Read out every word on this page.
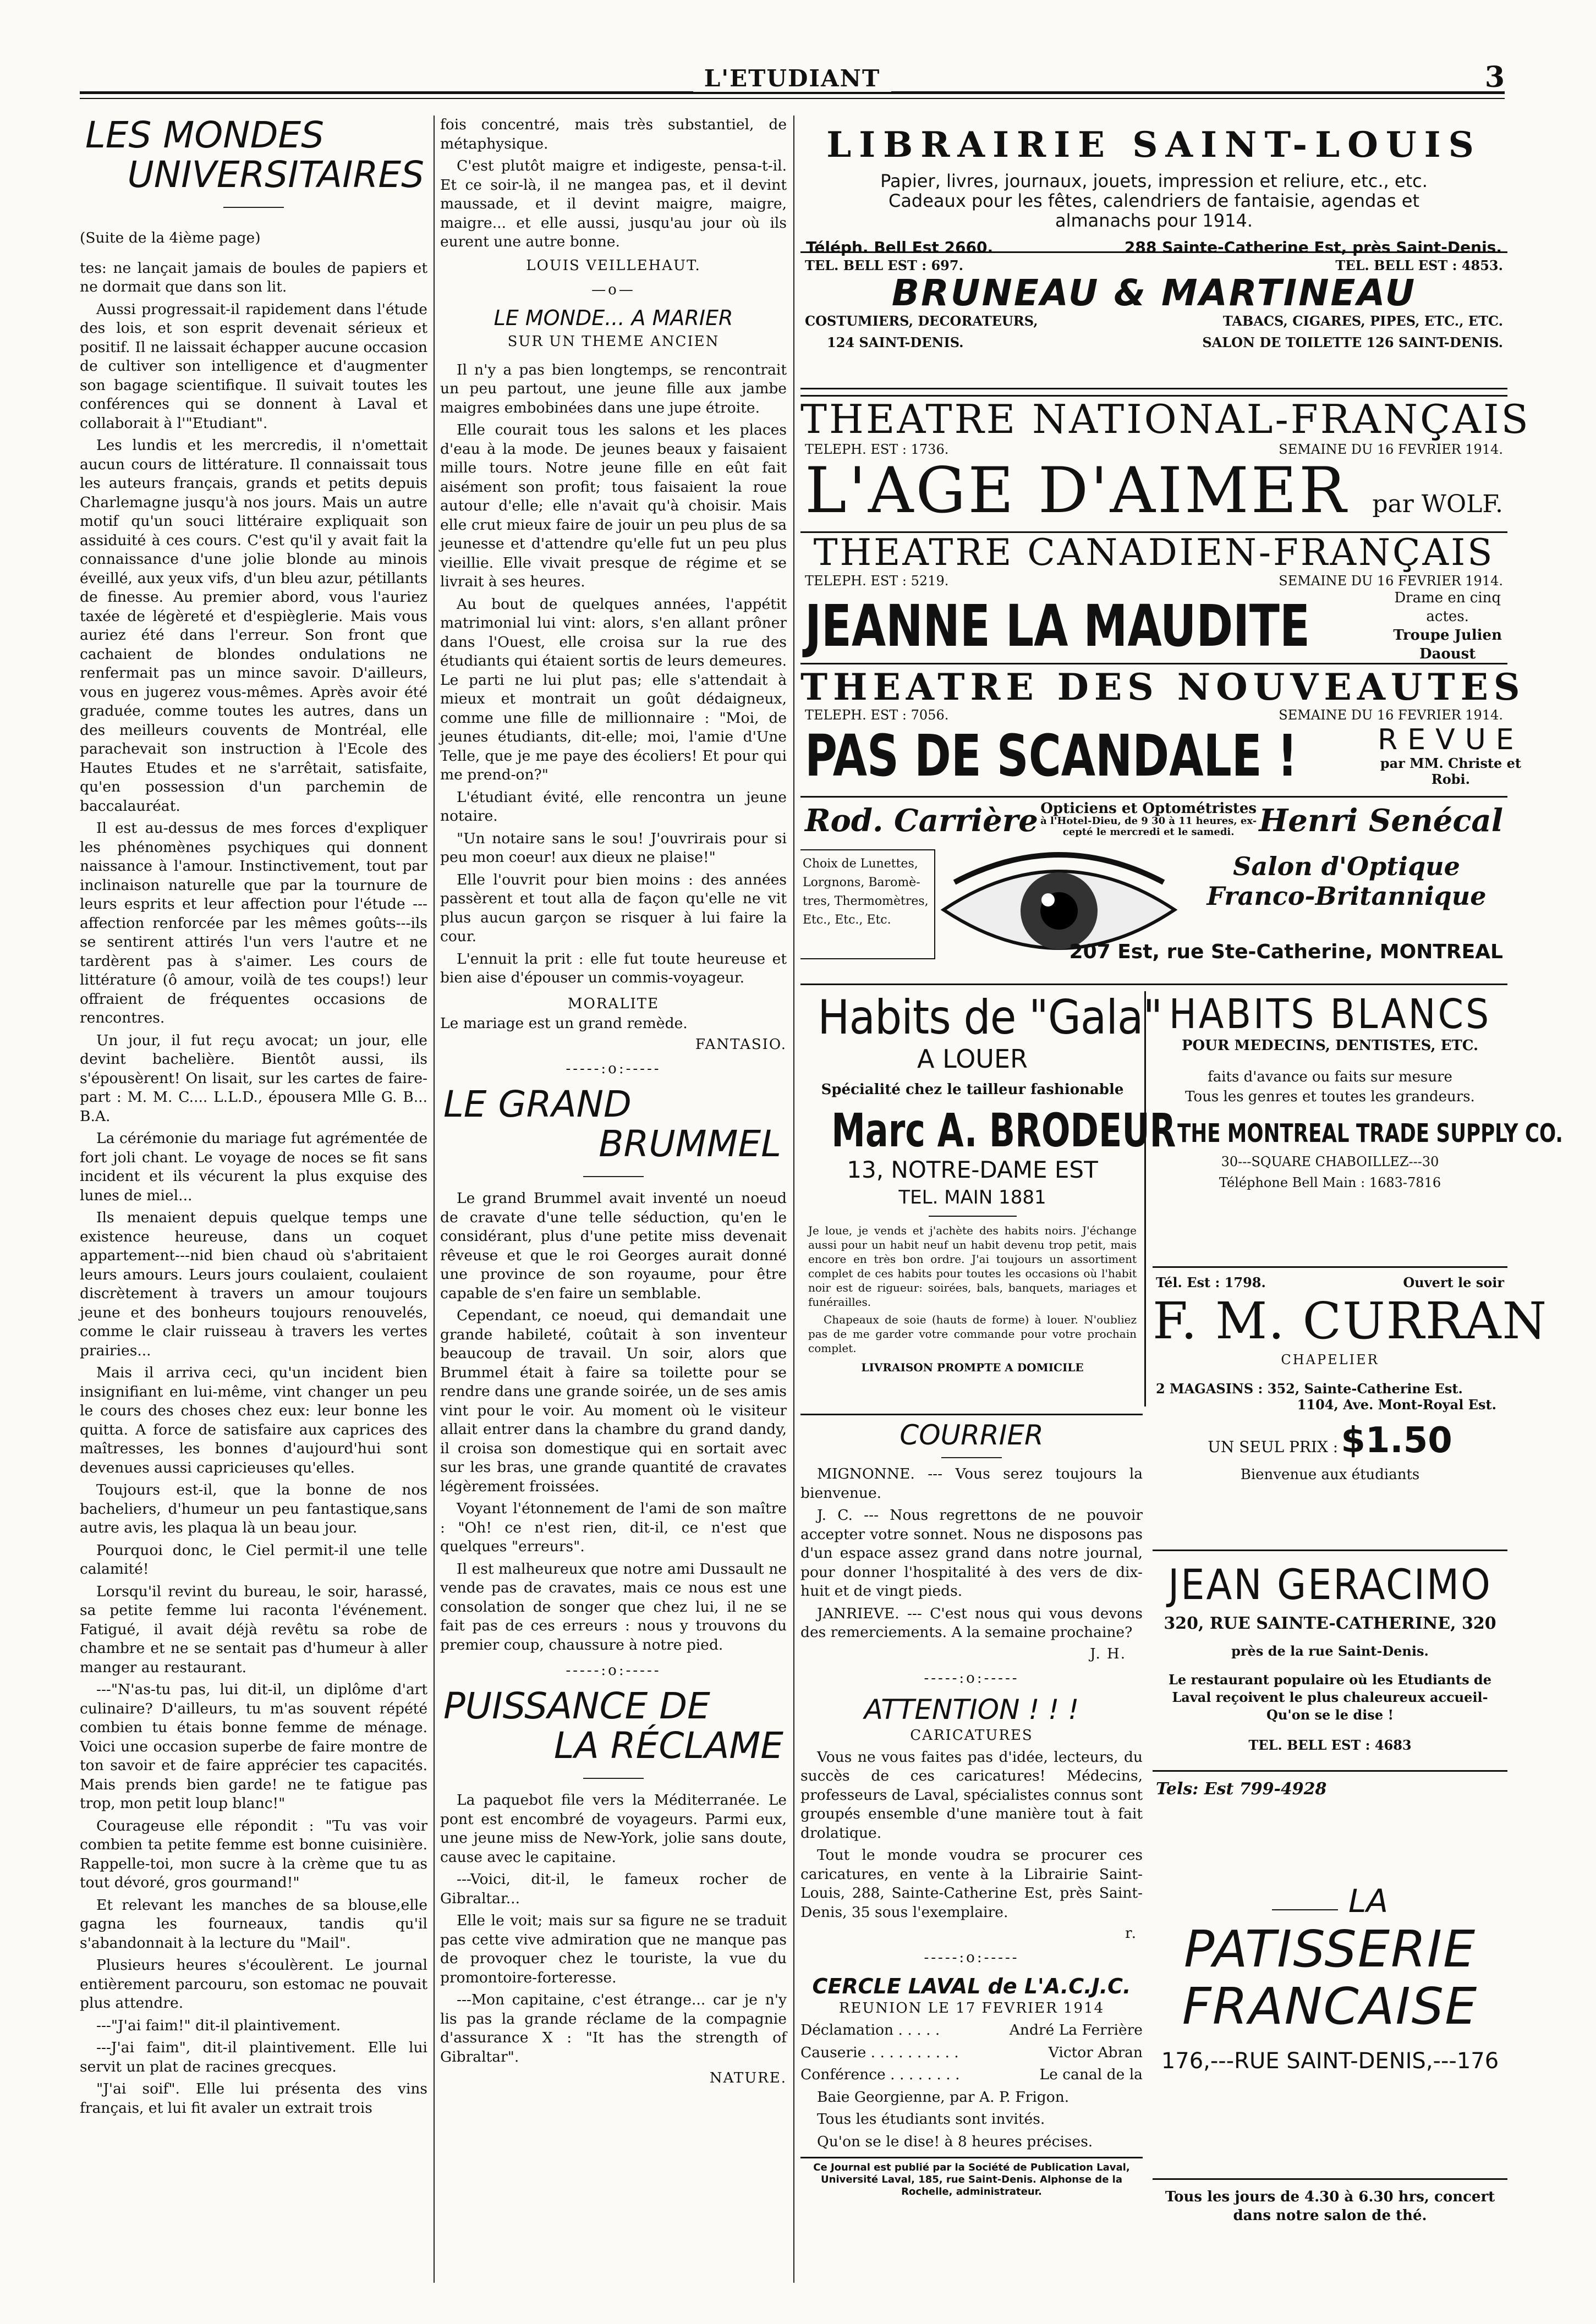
L'ETUDIANT	3
LES MONDES
UNIVERSITAIRES

(Suite de la 4ième page)

tes: ne lançait jamais de boules de papiers et ne dormait que dans son lit.

Aussi progressait-il rapidement dans l'étude des lois, et son esprit devenait sérieux et positif. Il ne laissait échapper aucune occasion de cultiver son intelligence et d'augmenter son bagage scientifique. Il suivait toutes les conférences qui se donnent à Laval et collaborait à l'"Etudiant".

Les lundis et les mercredis, il n'omettait aucun cours de littérature. Il connaissait tous les auteurs français, grands et petits depuis Charlemagne jusqu'à nos jours. Mais un autre motif qu'un souci littéraire expliquait son assiduité à ces cours. C'est qu'il y avait fait la connaissance d'une jolie blonde au minois éveillé, aux yeux vifs, d'un bleu azur, pétillants de finesse. Au premier abord, vous l'auriez taxée de légèreté et d'espièglerie. Mais vous auriez été dans l'erreur. Son front que cachaient de blondes ondulations ne renfermait pas un mince savoir. D'ailleurs, vous en jugerez vous-mêmes. Après avoir été graduée, comme toutes les autres, dans un des meilleurs couvents de Montréal, elle parachevait son instruction à l'Ecole des Hautes Etudes et ne s'arrêtait, satisfaite, qu'en possession d'un parchemin de baccalauréat.

Il est au-dessus de mes forces d'expliquer les phénomènes psychiques qui donnent naissance à l'amour. Instinctivement, tout par inclinaison naturelle que par la tournure de leurs esprits et leur affection pour l'étude --- affection renforcée par les mêmes goûts---ils se sentirent attirés l'un vers l'autre et ne tardèrent pas à s'aimer. Les cours de littérature (ô amour, voilà de tes coups!) leur offraient de fréquentes occasions de rencontres.

Un jour, il fut reçu avocat; un jour, elle devint bachelière. Bientôt aussi, ils s'épousèrent! On lisait, sur les cartes de faire-part : M. M. C.... L.L.D., épousera Mlle G. B... B.A.

La cérémonie du mariage fut agrémentée de fort joli chant. Le voyage de noces se fit sans incident et ils vécurent la plus exquise des lunes de miel...

Ils menaient depuis quelque temps une existence heureuse, dans un coquet appartement---nid bien chaud où s'abritaient leurs amours. Leurs jours coulaient, coulaient discrètement à travers un amour toujours jeune et des bonheurs toujours renouvelés, comme le clair ruisseau à travers les vertes prairies...

Mais il arriva ceci, qu'un incident bien insignifiant en lui-même, vint changer un peu le cours des choses chez eux: leur bonne les quitta. A force de satisfaire aux caprices des maîtresses, les bonnes d'aujourd'hui sont devenues aussi capricieuses qu'elles.

Toujours est-il, que la bonne de nos bacheliers, d'humeur un peu fantastique,sans autre avis, les plaqua là un beau jour.

Pourquoi donc, le Ciel permit-il une telle calamité!

Lorsqu'il revint du bureau, le soir, harassé, sa petite femme lui raconta l'événement. Fatigué, il avait déjà revêtu sa robe de chambre et ne se sentait pas d'humeur à aller manger au restaurant.

---"N'as-tu pas, lui dit-il, un diplôme d'art culinaire? D'ailleurs, tu m'as souvent répété combien tu étais bonne femme de ménage. Voici une occasion superbe de faire montre de ton savoir et de faire apprécier tes capacités. Mais prends bien garde! ne te fatigue pas trop, mon petit loup blanc!"

Courageuse elle répondit : "Tu vas voir combien ta petite femme est bonne cuisinière. Rappelle-toi, mon sucre à la crème que tu as tout dévoré, gros gourmand!"

Et relevant les manches de sa blouse,elle gagna les fourneaux, tandis qu'il s'abandonnait à la lecture du "Mail".

Plusieurs heures s'écoulèrent. Le journal entièrement parcouru, son estomac ne pouvait plus attendre.

---"J'ai faim!" dit-il plaintivement.

---J'ai faim", dit-il plaintivement. Elle lui servit un plat de racines grecques.

"J'ai soif". Elle lui présenta des vins français, et lui fit avaler un extrait trois

fois concentré, mais très substantiel, de métaphysique.

C'est plutôt maigre et indigeste, pensa-t-il. Et ce soir-là, il ne mangea pas, et il devint maussade, et il devint maigre, maigre, maigre... et elle aussi, jusqu'au jour où ils eurent une autre bonne.

LOUIS VEILLEHAUT.

—o—

LE MONDE... A MARIER

SUR UN THEME ANCIEN

Il n'y a pas bien longtemps, se rencontrait un peu partout, une jeune fille aux jambe maigres embobinées dans une jupe étroite.

Elle courait tous les salons et les places d'eau à la mode. De jeunes beaux y faisaient mille tours. Notre jeune fille en eût fait aisément son profit; tous faisaient la roue autour d'elle; elle n'avait qu'à choisir. Mais elle crut mieux faire de jouir un peu plus de sa jeunesse et d'attendre qu'elle fut un peu plus vieillie. Elle vivait presque de régime et se livrait à ses heures.

Au bout de quelques années, l'appétit matrimonial lui vint: alors, s'en allant prôner dans l'Ouest, elle croisa sur la rue des étudiants qui étaient sortis de leurs demeures. Le parti ne lui plut pas; elle s'attendait à mieux et montrait un goût dédaigneux, comme une fille de millionnaire : "Moi, de jeunes étudiants, dit-elle; moi, l'amie d'Une Telle, que je me paye des écoliers! Et pour qui me prend-on?"

L'étudiant évité, elle rencontra un jeune notaire.

"Un notaire sans le sou! J'ouvrirais pour si peu mon coeur! aux dieux ne plaise!"

Elle l'ouvrit pour bien moins : des années passèrent et tout alla de façon qu'elle ne vit plus aucun garçon se risquer à lui faire la cour.

L'ennuit la prit : elle fut toute heureuse et bien aise d'épouser un commis-voyageur.

MORALITE

Le mariage est un grand remède.

FANTASIO.

-----:o:-----

LE GRAND
BRUMMEL

Le grand Brummel avait inventé un noeud de cravate d'une telle séduction, qu'en le considérant, plus d'une petite miss devenait rêveuse et que le roi Georges aurait donné une province de son royaume, pour être capable de s'en faire un semblable.

Cependant, ce noeud, qui demandait une grande habileté, coûtait à son inventeur beaucoup de travail. Un soir, alors que Brummel était à faire sa toilette pour se rendre dans une grande soirée, un de ses amis vint pour le voir. Au moment où le visiteur allait entrer dans la chambre du grand dandy, il croisa son domestique qui en sortait avec sur les bras, une grande quantité de cravates légèrement froissées.

Voyant l'étonnement de l'ami de son maître : "Oh! ce n'est rien, dit-il, ce n'est que quelques "erreurs".

Il est malheureux que notre ami Dussault ne vende pas de cravates, mais ce nous est une consolation de songer que chez lui, il ne se fait pas de ces erreurs : nous y trouvons du premier coup, chaussure à notre pied.

-----:o:-----

PUISSANCE DE
LA RÉCLAME

La paquebot file vers la Méditerranée. Le pont est encombré de voyageurs. Parmi eux, une jeune miss de New-York, jolie sans doute, cause avec le capitaine.

---Voici, dit-il, le fameux rocher de Gibraltar...

Elle le voit; mais sur sa figure ne se traduit pas cette vive admiration que ne manque pas de provoquer chez le touriste, la vue du promontoire-forteresse.

---Mon capitaine, c'est étrange... car je n'y lis pas la grande réclame de la compagnie d'assurance X : "It has the strength of Gibraltar".

NATURE.

LIBRAIRIE SAINT-LOUIS
Papier, livres, journaux, jouets, impression et reliure, etc., etc. Cadeaux pour les fêtes, calendriers de fantaisie, agendas et almanachs pour 1914.
Téléph. Bell Est 2660.	288 Sainte-Catherine Est, près Saint-Denis.
TEL. BELL EST : 697.	TEL. BELL EST : 4853.
BRUNEAU & MARTINEAU
COSTUMIERS, DECORATEURS,	TABACS, CIGARES, PIPES, ETC., ETC.
124 SAINT-DENIS.	SALON DE TOILETTE 126 SAINT-DENIS.
THEATRE NATIONAL-FRANÇAIS
TELEPH. EST : 1736.	SEMAINE DU 16 FEVRIER 1914.
L'AGE D'AIMER par WOLF.
THEATRE CANADIEN-FRANÇAIS
TELEPH. EST : 5219.	SEMAINE DU 16 FEVRIER 1914.
JEANNE LA MAUDITE	Drame en cinq actes.
Troupe Julien Daoust
THEATRE DES NOUVEAUTES
TELEPH. EST : 7056.	SEMAINE DU 16 FEVRIER 1914.
PAS DE SCANDALE !	REVUE
par MM. Christe et Robi.
Rod. Carrière Opticiens et Optométristes
à l'Hotel-Dieu, de 9 30 à 11 heures, ex-
cepté le mercredi et le samedi. Henri Senécal
Choix de Lunettes,
Lorgnons, Baromè-
tres, Thermomètres,
Etc., Etc., Etc.
Salon d'Optique
Franco-Britannique
207 Est, rue Ste-Catherine, MONTREAL
Habits de "Gala"
A LOUER
Spécialité chez le tailleur fashionable
Marc A. BRODEUR
13, NOTRE-DAME EST
TEL. MAIN 1881
Je loue, je vends et j'achète des habits noirs. J'échange aussi pour un habit neuf un habit devenu trop petit, mais encore en très bon ordre. J'ai toujours un assortiment complet de ces habits pour toutes les occasions où l'habit noir est de rigueur: soirées, bals, banquets, mariages et funérailles.
Chapeaux de soie (hauts de forme) à louer. N'oubliez pas de me garder votre commande pour votre prochain complet.
LIVRAISON PROMPTE A DOMICILE
COURRIER

MIGNONNE. --- Vous serez toujours la bienvenue.

J. C. --- Nous regrettons de ne pouvoir accepter votre sonnet. Nous ne disposons pas d'un espace assez grand dans notre journal, pour donner l'hospitalité à des vers de dix-huit et de vingt pieds.

JANRIEVE. --- C'est nous qui vous devons des remerciements. A la semaine prochaine?

J. H.

-----:o:-----

ATTENTION ! ! !

CARICATURES

Vous ne vous faites pas d'idée, lecteurs, du succès de ces caricatures! Médecins, professeurs de Laval, spécialistes connus sont groupés ensemble d'une manière tout à fait drolatique.

Tout le monde voudra se procurer ces caricatures, en vente à la Librairie Saint-Louis, 288, Sainte-Catherine Est, près Saint-Denis, 35 sous l'exemplaire.

r.

-----:o:-----

CERCLE LAVAL de L'A.C.J.C.

REUNION LE 17 FEVRIER 1914

Déclamation . . . . .	André La Ferrière
Causerie . . . . . . . . . .	Victor Abran
Conférence . . . . . . . .	Le canal de la

Baie Georgienne, par A. P. Frigon.

Tous les étudiants sont invités.

Qu'on se le dise! à 8 heures précises.

Ce Journal est publié par la Société de Publication Laval, Université Laval, 185, rue Saint-Denis. Alphonse de la Rochelle, administrateur.

HABITS BLANCS
POUR MEDECINS, DENTISTES, ETC.
faits d'avance ou faits sur mesure
Tous les genres et toutes les grandeurs.
THE MONTREAL TRADE SUPPLY CO.
30---SQUARE CHABOILLEZ---30
Téléphone Bell Main : 1683-7816
Tél. Est : 1798.	Ouvert le soir
F. M. CURRAN
CHAPELIER
2 MAGASINS : 352, Sainte-Catherine Est.
1104, Ave. Mont-Royal Est.
UN SEUL PRIX : $1.50
Bienvenue aux étudiants
JEAN GERACIMO
320, RUE SAINTE-CATHERINE, 320
près de la rue Saint-Denis.
Le restaurant populaire où les Etudiants de Laval reçoivent le plus chaleureux accueil- Qu'on se le dise !
TEL. BELL EST : 4683
Tels: Est 799-4928
LA
PATISSERIE
FRANCAISE
176,---RUE SAINT-DENIS,---176
Tous les jours de 4.30 à 6.30 hrs, concert dans notre salon de thé.
